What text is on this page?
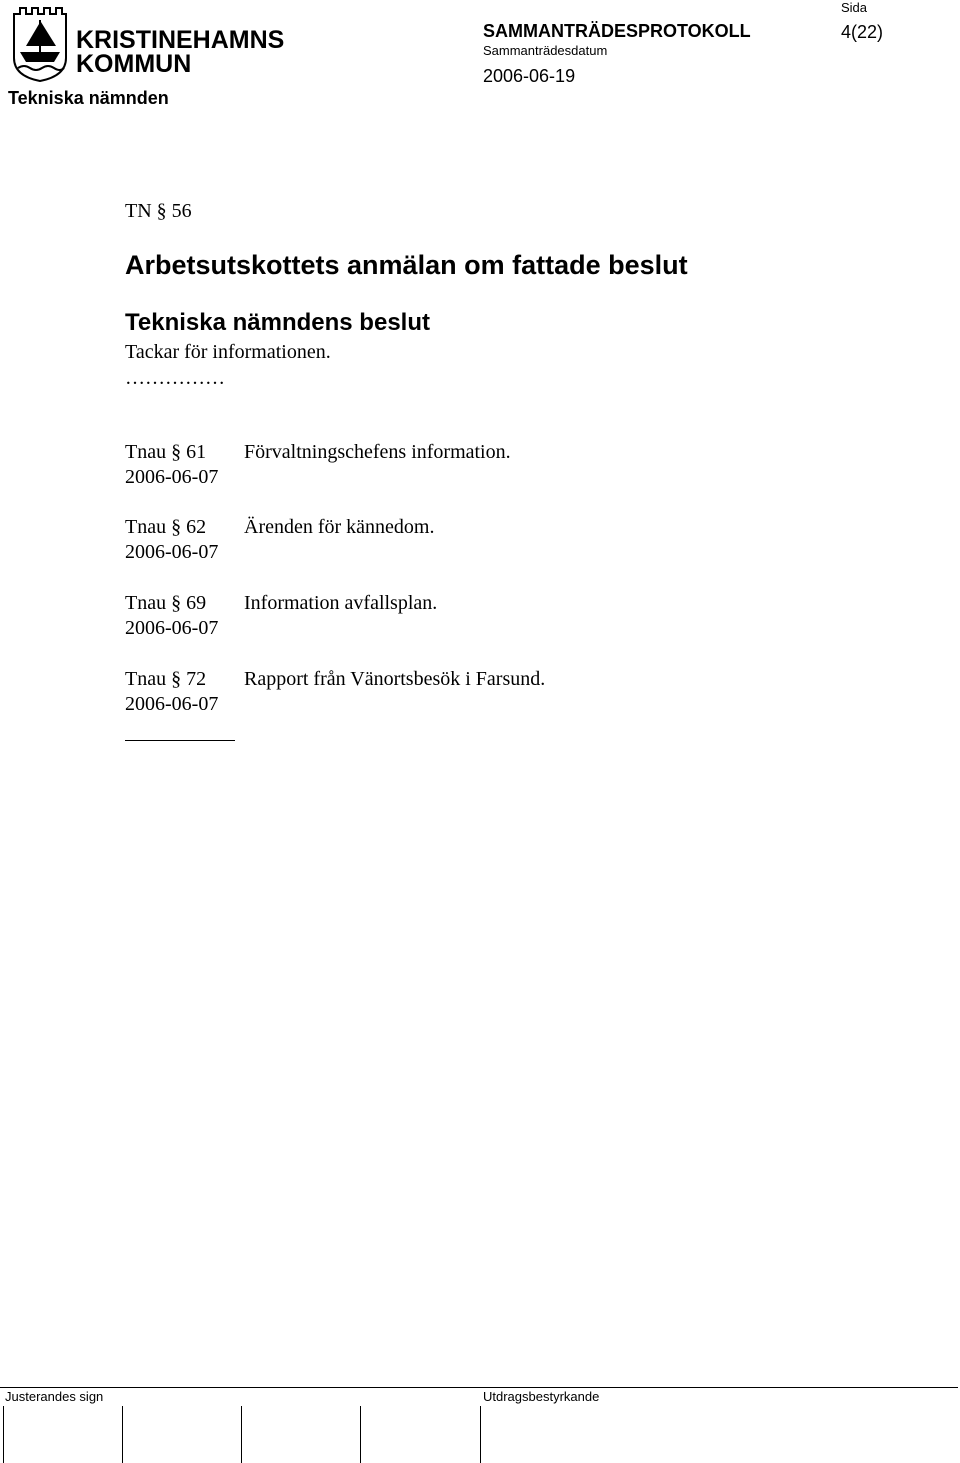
KRISTINEHAMNS
KOMMUN
Tekniska nämnden
SAMMANTRÄDESPROTOKOLL
Sammanträdesdatum
2006-06-19
Sida
4(22)
TN § 56
Arbetsutskottets anmälan om fattade beslut
Tekniska nämndens beslut
Tackar för informationen.
……………
Tnau § 61
2006-06-07
Förvaltningschefens information.
Tnau § 62
2006-06-07
Ärenden för kännedom.
Tnau § 69
2006-06-07
Information avfallsplan.
Tnau § 72
2006-06-07
Rapport från Vänortsbesök i Farsund.
Justerandes sign	Utdragsbestyrkande
